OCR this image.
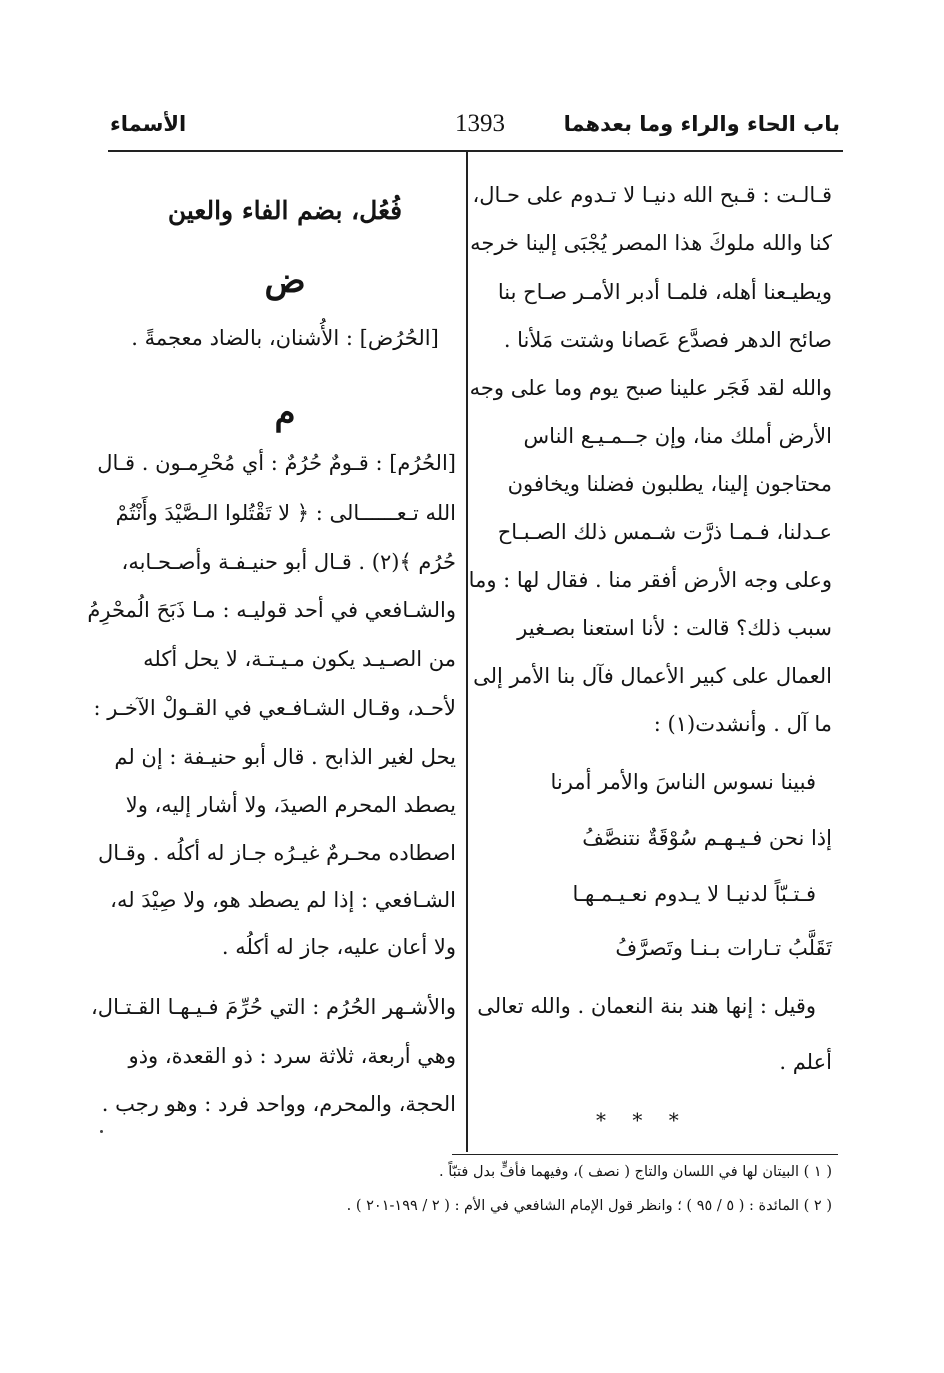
باب الحاء والراء وما بعدهما
1393
الأسماء
قـالـت : قـبح الله دنيـا لا تـدوم على حـال،
كنا والله ملوكَ هذا المصر يُجْبَى إلينا خرجه
ويطيـعنا أهله، فلمـا أدبر الأمـر صـاح بنا
صائح الدهر فصدَّع عَصانا وشتت مَلأنا .
والله لقد فَجَر علينا صبح يوم وما على وجه
الأرض أملك منا، وإن جــمـيـع الناس
محتاجون إلينا، يطلبون فضلنا ويخافون
عـدلنا، فـمـا ذرَّت شـمس ذلك الصـبـاح
وعلى وجه الأرض أفقر منا . فقال لها : وما
سبب ذلك؟ قالت : لأنا استعنا بصـغير
العمال على كبير الأعمال فآل بنا الأمر إلى
ما آل . وأنشدت(١) :
فبينا نسوس الناسَ والأمر أمرنا
إذا نحن فـيـهـم سُوْقَةٌ نتنصَّفُ
فـتـبّاً لدنيـا لا يـدوم نعـيـمـهـا
تَقَلَّبُ تـارات بـنـا وتَصرَّفُ
وقيل : إنها هند بنة النعمان . والله تعالى
أعلم .
* * *
فُعُل، بضم الفاء والعين
ض
[الحُرُض] : الأُشنان، بالضاد معجمةً .
م
[الحُرُم] : قـومٌ حُرُمٌ : أي مُحْرِمـون . قـال
الله تـعــــــالى : ﴿ لا تَقْتُلوا الـصَّيْدَ وأَنْتُمْ
حُرُم ﴾(٢) . قـال أبو حنيـفـة وأصـحـابه،
والشـافعي في أحد قوليـه : مـا ذَبَحَ الُمحْرِمُ
من الصـيـد يكون مـيـتـة، لا يحل أكله
لأحـد، وقـال الشـافـعي في القـولْ الآخـر :
يحل لغير الذابح . قال أبو حنيـفة : إن لم
يصطد المحرم الصيدَ، ولا أشار إليه، ولا
اصطاده محـرمٌ غيـرُه جـاز له أكلُه . وقـال
الشـافعي : إذا لم يصطد هو، ولا صِيْدَ له،
ولا أعان عليه، جاز له أكلُه .
والأشـهر الحُرُم : التي حُرِّمَ فـيـهـا القـتـال،
وهي أربعة، ثلاثة سرد : ذو القعدة، وذو
الحجة، والمحرم، وواحد فرد : وهو رجب .
( ١ ) البيتان لها في اللسان والتاج ( نصف )، وفيهما فأفٍّ بدل فتبّاً .
( ٢ ) المائدة : ( ٥ / ٩٥ ) ؛ وانظر قول الإمام الشافعي في الأم : ( ٢ / ١٩٩-٢٠١ ) .
